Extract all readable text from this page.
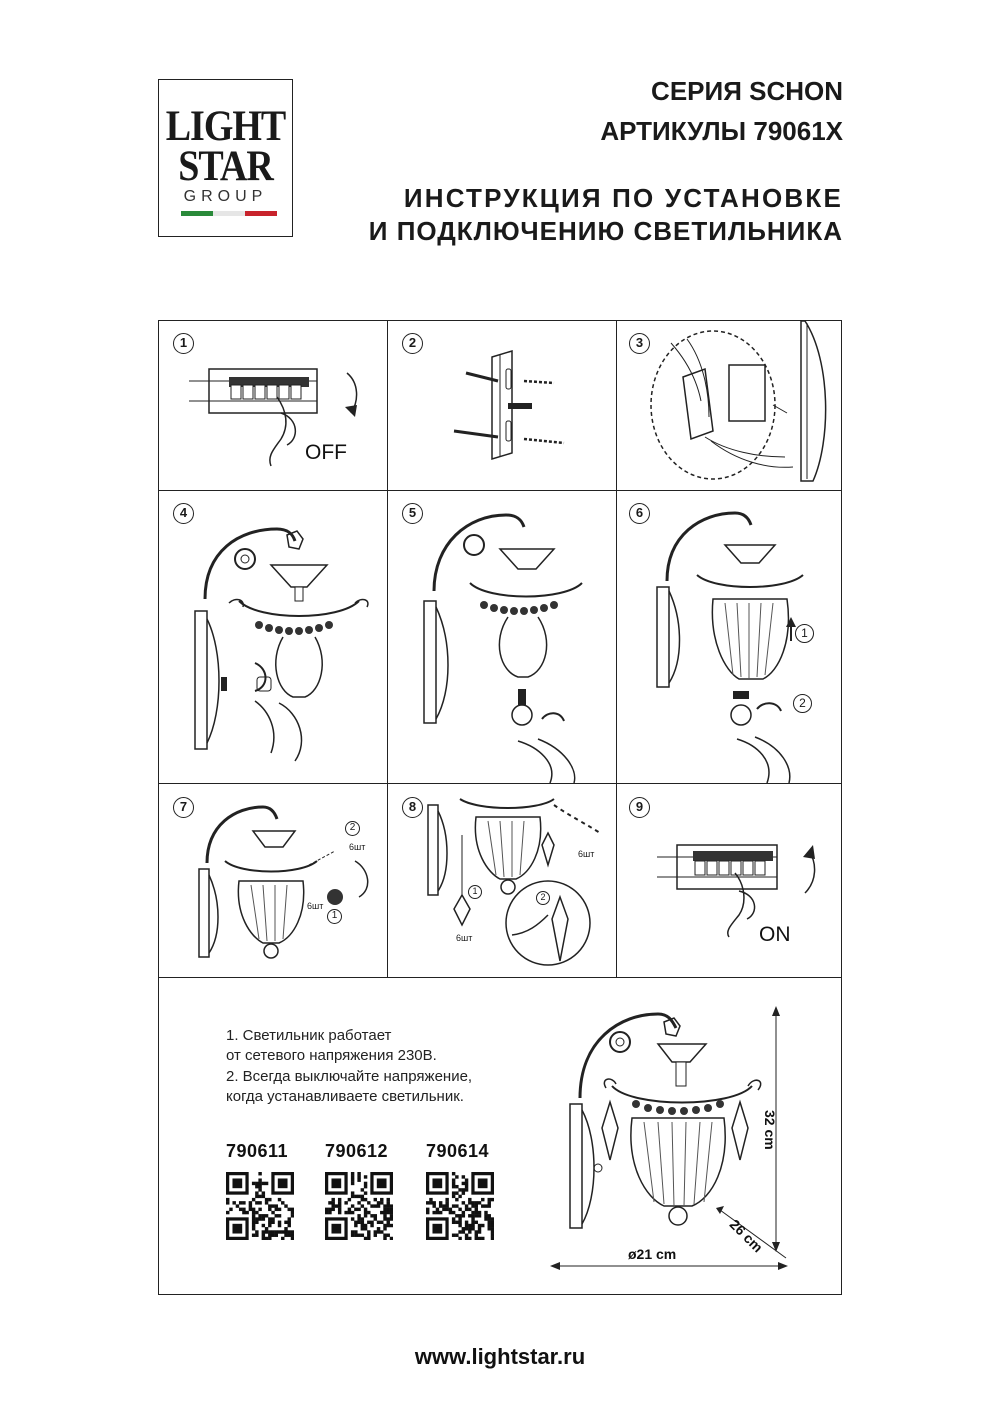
LIGHT
STAR
GROUP
СЕРИЯ SCHON
АРТИКУЛЫ 79061X
ИНСТРУКЦИЯ ПО УСТАНОВКЕ
И ПОДКЛЮЧЕНИЮ СВЕТИЛЬНИКА
1
OFF
2	3
4	5	6
1
2
7
2
6шт
6шт
1
8
1
6шт
6шт
2
9
ON
1. Светильник работает
от сетевого напряжения 230В.
2. Всегда выключайте напряжение,
когда устанавливаете светильник.
790611 790612 790614
32 cm
26 cm
ø21 cm
www.lightstar.ru
